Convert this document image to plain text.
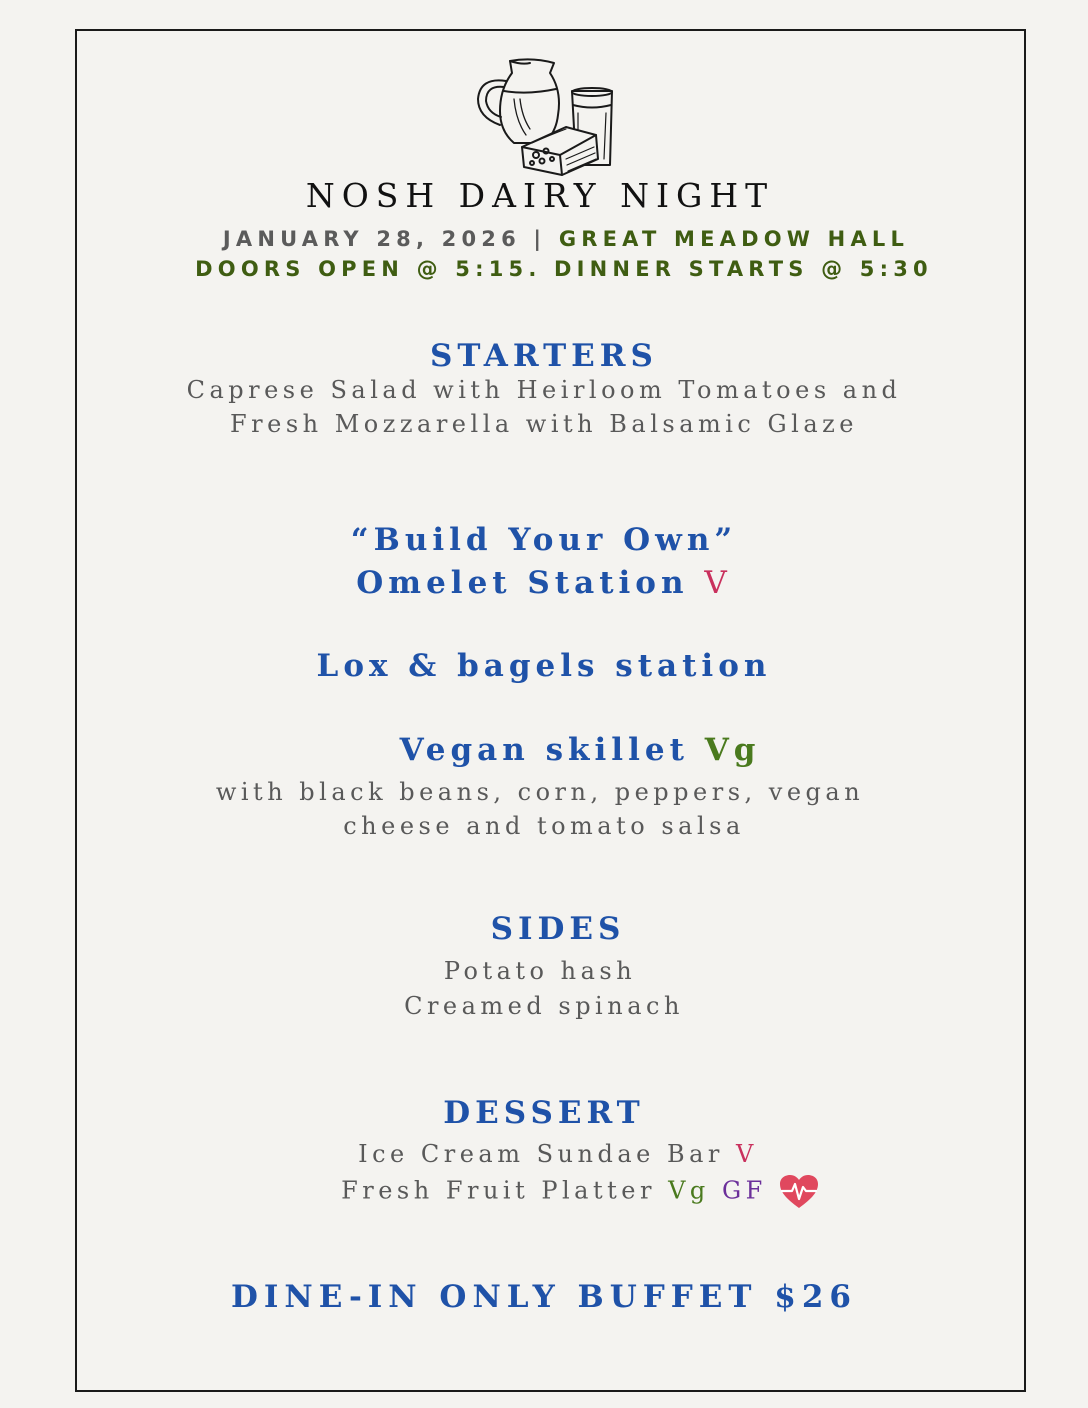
NOSH DAIRY NIGHT
JANUARY 28, 2026 | GREAT MEADOW HALL
DOORS OPEN @ 5:15. DINNER STARTS @ 5:30
STARTERS
Caprese Salad with Heirloom Tomatoes and
Fresh Mozzarella with Balsamic Glaze
“Build Your Own”
Omelet Station V
Lox & bagels station
Vegan skillet Vg
with black beans, corn, peppers, vegan
cheese and tomato salsa
SIDES
Potato hash
Creamed spinach
DESSERT
Ice Cream Sundae Bar V
Fresh Fruit Platter Vg GF
DINE-IN ONLY BUFFET $26
